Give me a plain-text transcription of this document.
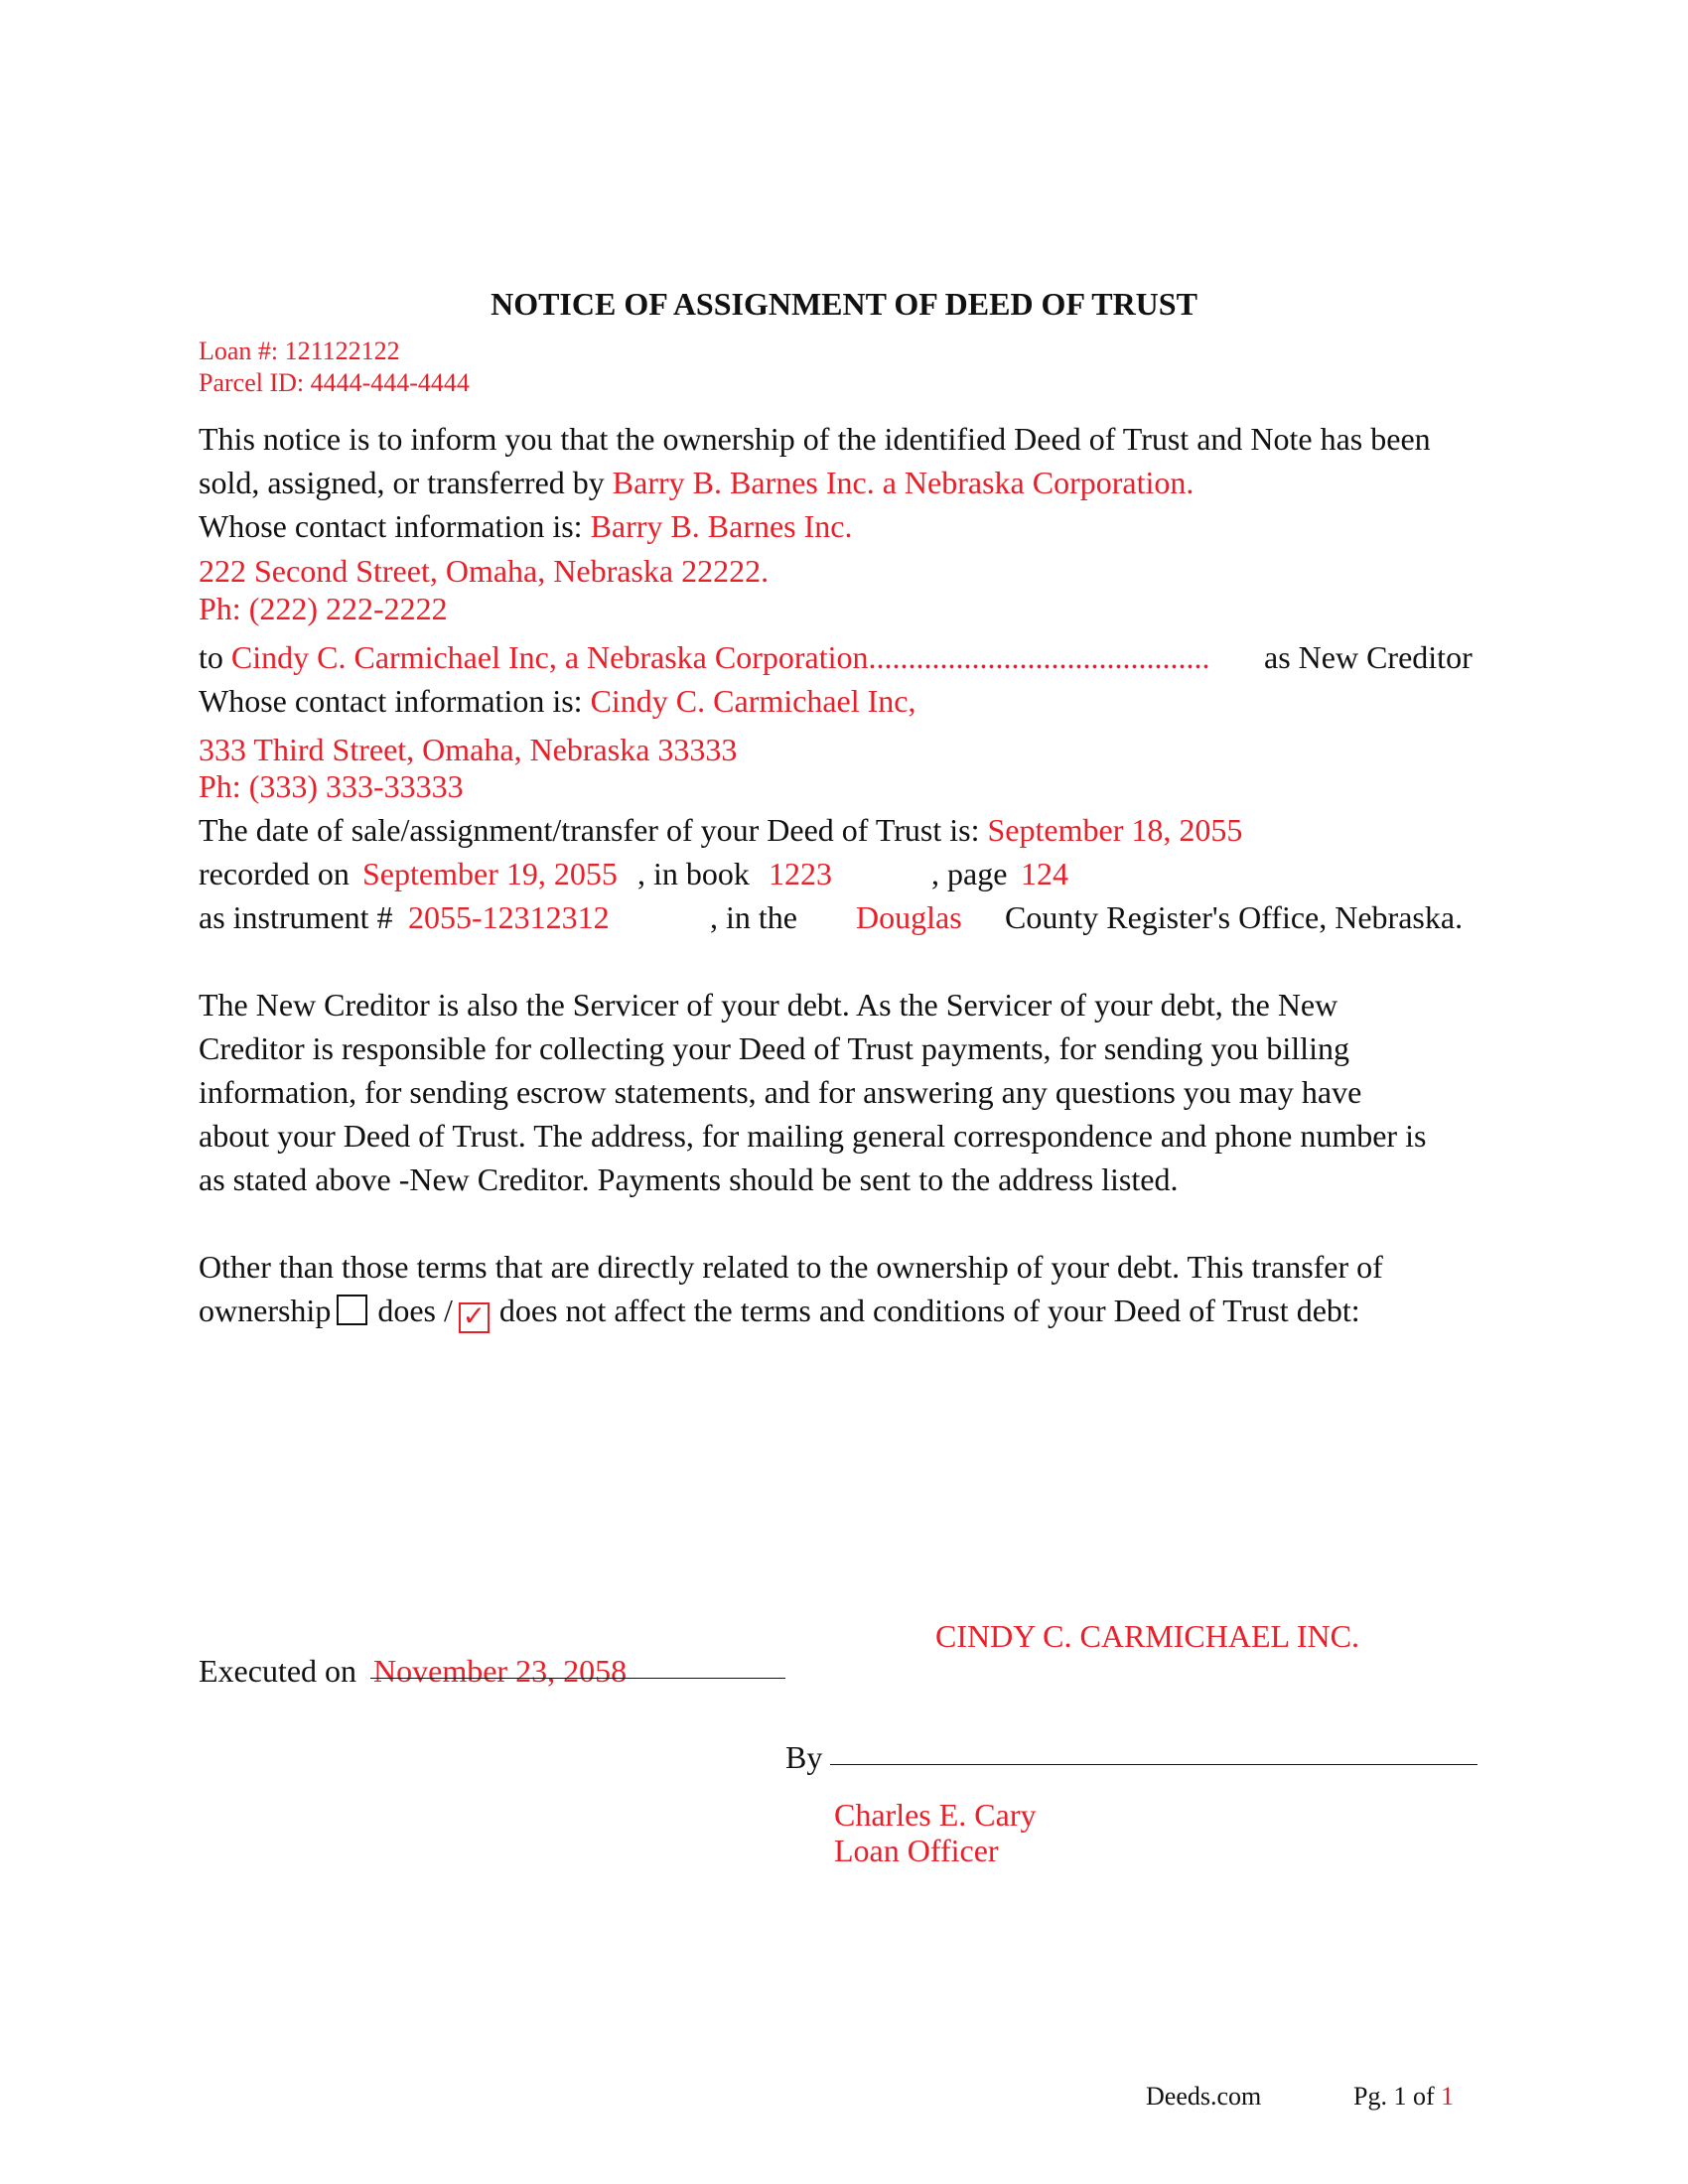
NOTICE OF ASSIGNMENT OF DEED OF TRUST
Loan #: 121122122
Parcel ID: 4444-444-4444
This notice is to inform you that the ownership of the identified Deed of Trust and Note has been
sold, assigned, or transferred by Barry B. Barnes Inc. a Nebraska Corporation.
Whose contact information is: Barry B. Barnes Inc.
222 Second Street, Omaha, Nebraska 22222.
Ph: (222) 222-2222
to Cindy C. Carmichael Inc, a Nebraska Corporation........................................... as New Creditor
Whose contact information is: Cindy C. Carmichael Inc,
333 Third Street, Omaha, Nebraska 33333
Ph: (333) 333-33333
The date of sale/assignment/transfer of your Deed of Trust is: September 18, 2055
recorded on September 19, 2055 , in book 1223	, page 124
as instrument # 2055-12312312	, in the Douglas County Register's Office, Nebraska.
The New Creditor is also the Servicer of your debt. As the Servicer of your debt, the New
Creditor is responsible for collecting your Deed of Trust payments, for sending you billing
information, for sending escrow statements, and for answering any questions you may have
about your Deed of Trust. The address, for mailing general correspondence and phone number is
as stated above -New Creditor. Payments should be sent to the address listed.
Other than those terms that are directly related to the ownership of your debt. This transfer of
ownership does / ✓ does not affect the terms and conditions of your Deed of Trust debt:
CINDY C. CARMICHAEL INC.
Executed on November 23, 2058
By
Charles E. Cary
Loan Officer
Deeds.com	Pg. 1 of 1
